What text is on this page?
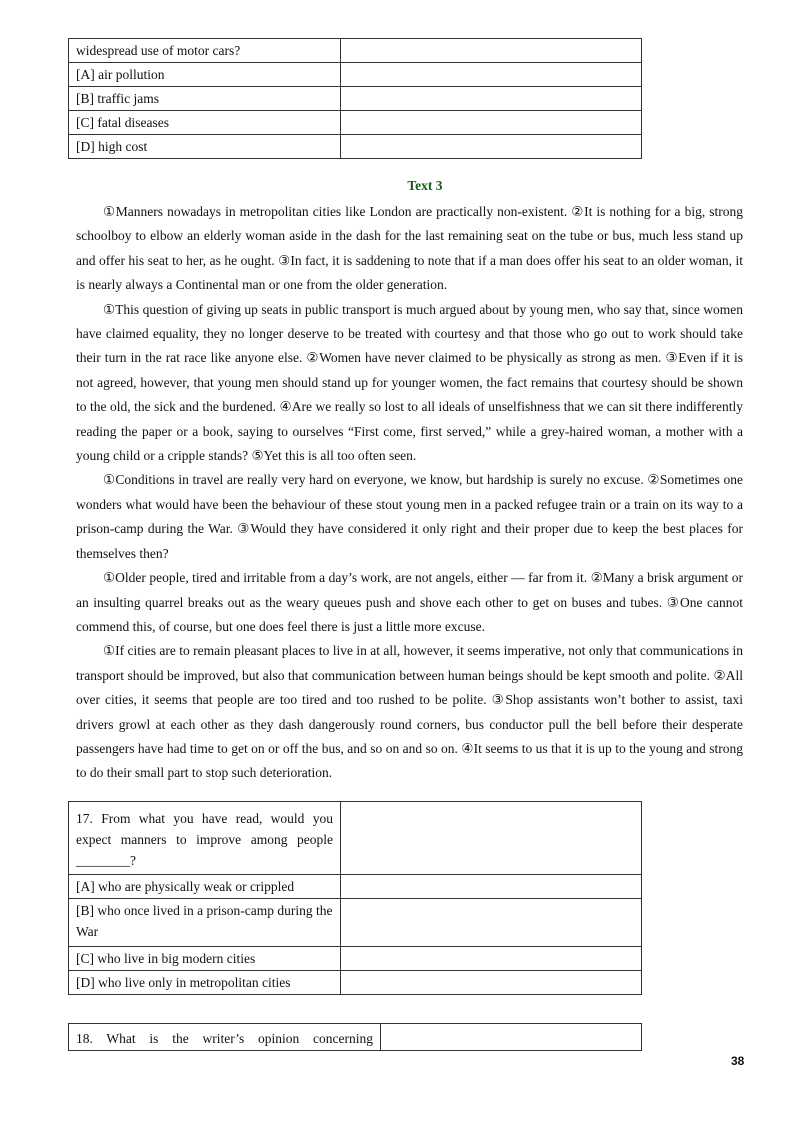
widespread use of motor cars?	
[A] air pollution	
[B] traffic jams	
[C] fatal diseases	
[D] high cost	
Text 3

①Manners nowadays in metropolitan cities like London are practically non-existent. ②It is nothing for a big, strong schoolboy to elbow an elderly woman aside in the dash for the last remaining seat on the tube or bus, much less stand up and offer his seat to her, as he ought. ③In fact, it is saddening to note that if a man does offer his seat to an older woman, it is nearly always a Continental man or one from the older generation.

①This question of giving up seats in public transport is much argued about by young men, who say that, since women have claimed equality, they no longer deserve to be treated with courtesy and that those who go out to work should take their turn in the rat race like anyone else. ②Women have never claimed to be physically as strong as men. ③Even if it is not agreed, however, that young men should stand up for younger women, the fact remains that courtesy should be shown to the old, the sick and the burdened. ④Are we really so lost to all ideals of unselfishness that we can sit there indifferently reading the paper or a book, saying to ourselves “First come, first served,” while a grey-haired woman, a mother with a young child or a cripple stands? ⑤Yet this is all too often seen.

①Conditions in travel are really very hard on everyone, we know, but hardship is surely no excuse. ②Sometimes one wonders what would have been the behaviour of these stout young men in a packed refugee train or a train on its way to a prison-camp during the War. ③Would they have considered it only right and their proper due to keep the best places for themselves then?

①Older people, tired and irritable from a day’s work, are not angels, either — far from it. ②Many a brisk argument or an insulting quarrel breaks out as the weary queues push and shove each other to get on buses and tubes. ③One cannot commend this, of course, but one does feel there is just a little more excuse.

①If cities are to remain pleasant places to live in at all, however, it seems imperative, not only that communications in transport should be improved, but also that communication between human beings should be kept smooth and polite. ②All over cities, it seems that people are too tired and too rushed to be polite. ③Shop assistants won’t bother to assist, taxi drivers growl at each other as they dash dangerously round corners, bus conductor pull the bell before their desperate passengers have had time to get on or off the bus, and so on and so on. ④It seems to us that it is up to the young and strong to do their small part to stop such deterioration.

17. From what you have read, would you expect manners to improve among people ________?	
[A] who are physically weak or crippled	
[B] who once lived in a prison-camp during the War	
[C] who live in big modern cities	
[D] who live only in metropolitan cities	
18. What is the writer’s opinion concerning	
38
